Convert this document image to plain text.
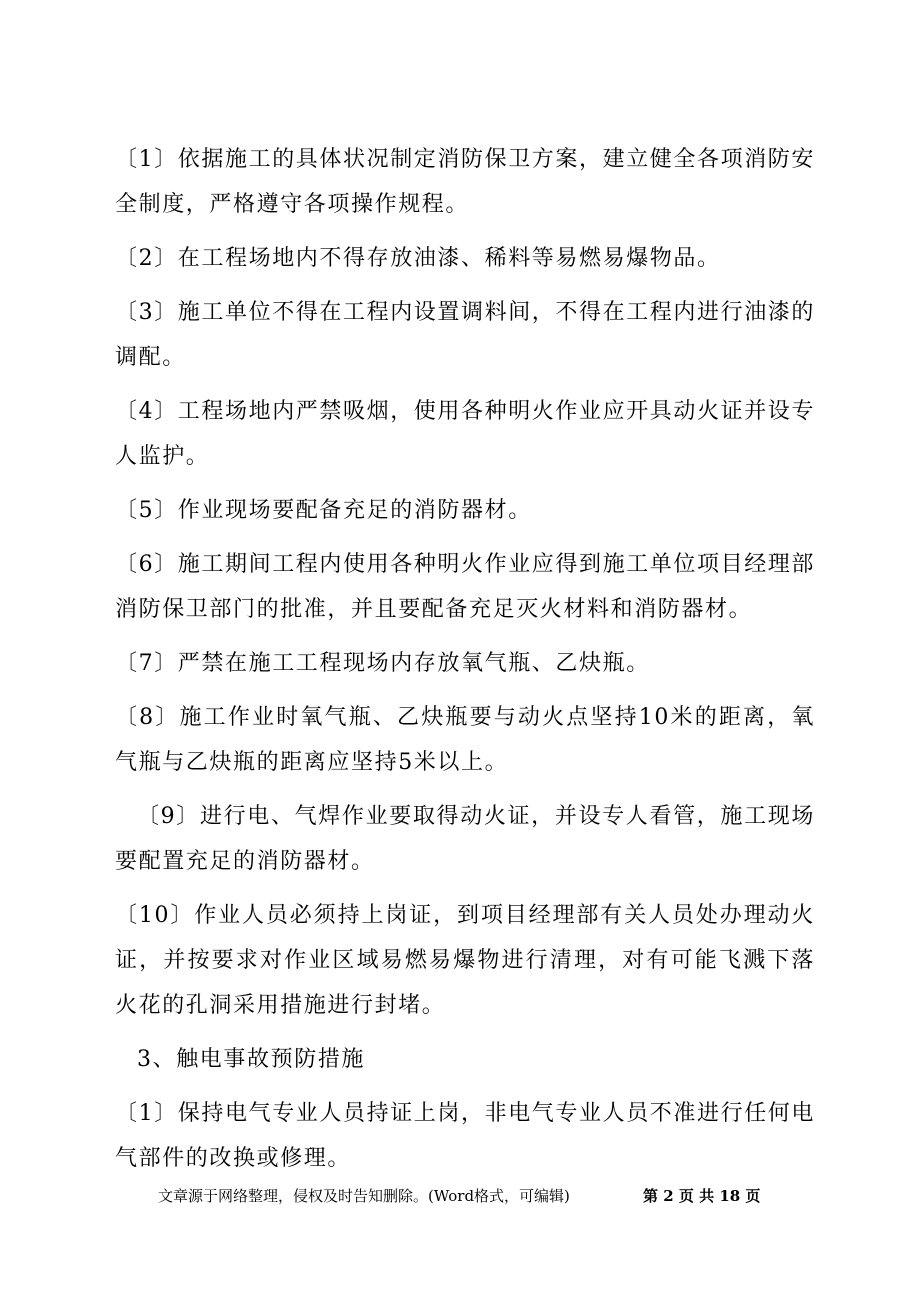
〔1〕依据施工的具体状况制定消防保卫方案，建立健全各项消防安全制度，严格遵守各项操作规程。

〔2〕在工程场地内不得存放油漆、稀料等易燃易爆物品。

〔3〕施工单位不得在工程内设置调料间，不得在工程内进行油漆的调配。

〔4〕工程场地内严禁吸烟，使用各种明火作业应开具动火证并设专人监护。

〔5〕作业现场要配备充足的消防器材。

〔6〕施工期间工程内使用各种明火作业应得到施工单位项目经理部消防保卫部门的批准，并且要配备充足灭火材料和消防器材。

〔7〕严禁在施工工程现场内存放氧气瓶、乙炔瓶。

〔8〕施工作业时氧气瓶、乙炔瓶要与动火点坚持10米的距离，氧气瓶与乙炔瓶的距离应坚持5米以上。

〔9〕进行电、气焊作业要取得动火证，并设专人看管，施工现场要配置充足的消防器材。

〔10〕作业人员必须持上岗证，到项目经理部有关人员处办理动火证，并按要求对作业区域易燃易爆物进行清理，对有可能飞溅下落火花的孔洞采用措施进行封堵。

3、触电事故预防措施

〔1〕保持电气专业人员持证上岗，非电气专业人员不准进行任何电气部件的改换或修理。

文章源于网络整理，侵权及时告知删除。(Word格式，可编辑)	第 2 页 共 18 页
